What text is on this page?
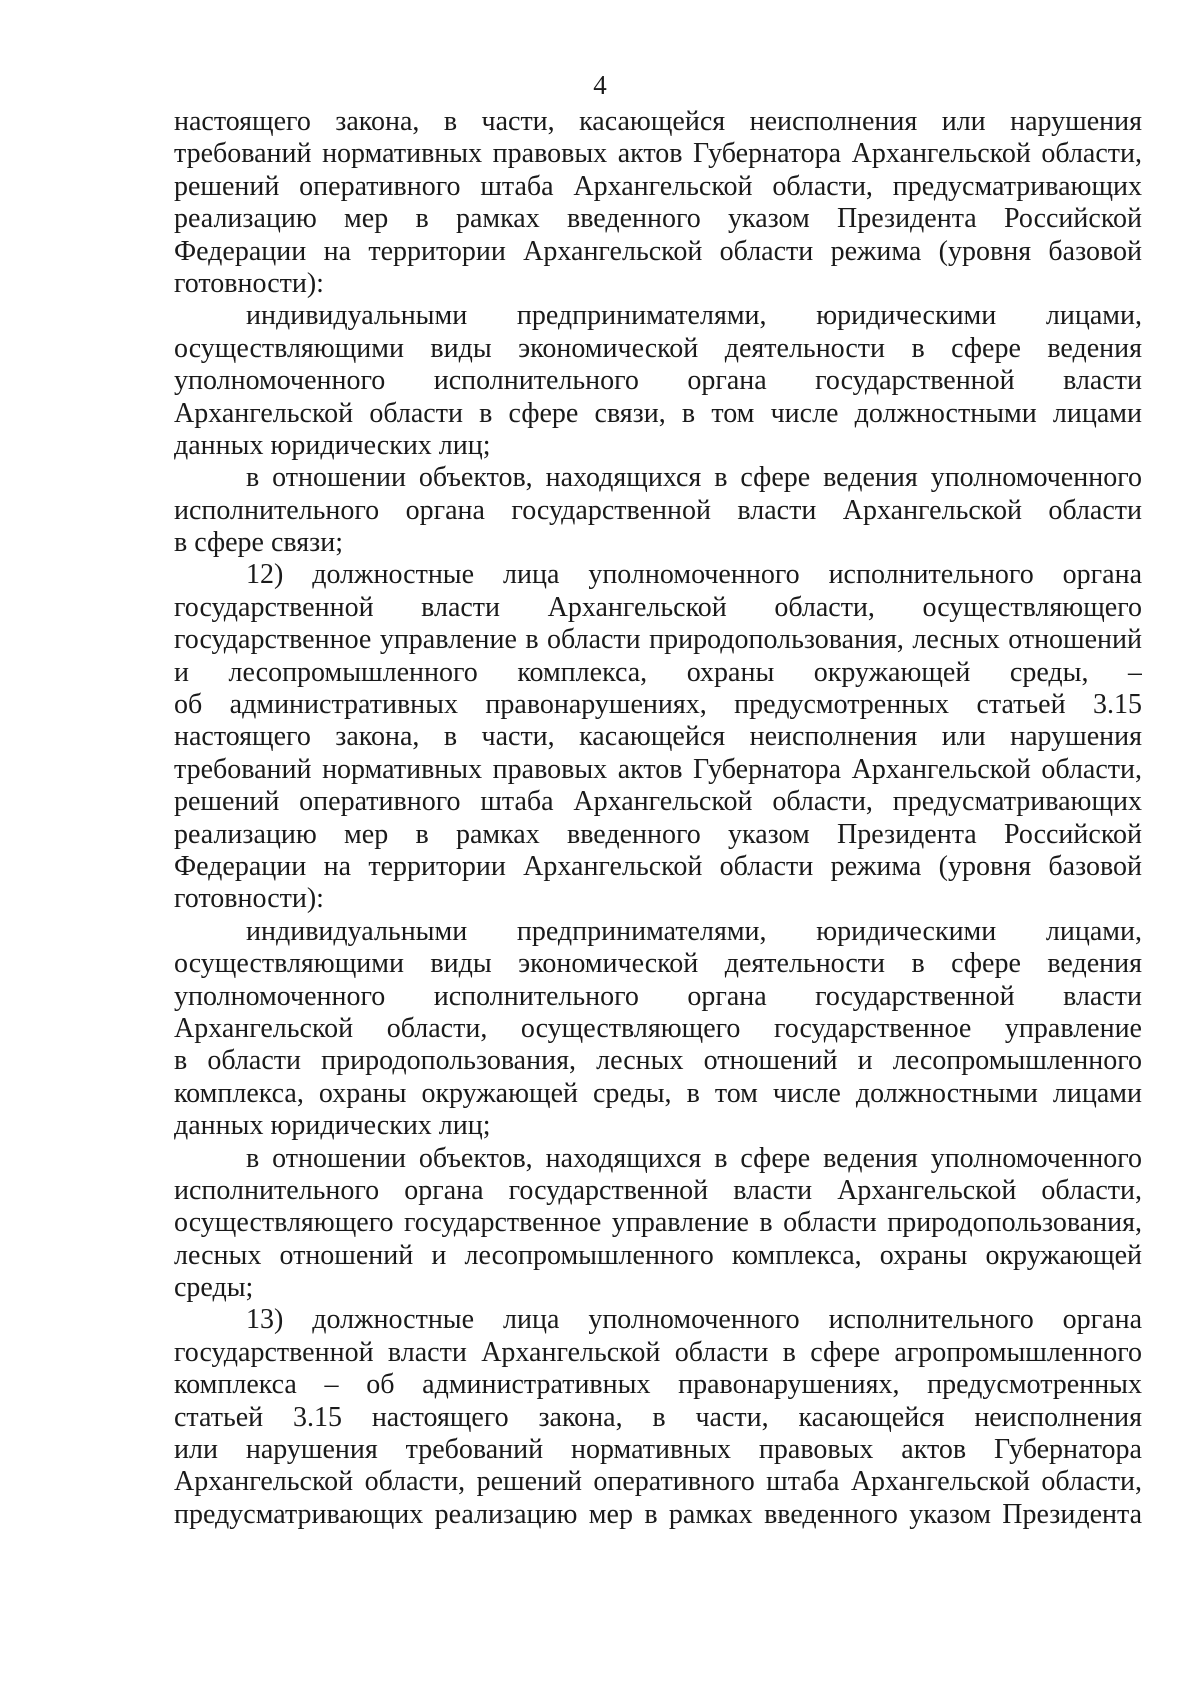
4
настоящего закона, в части, касающейся неисполнения или нарушения
требований нормативных правовых актов Губернатора Архангельской области,
решений оперативного штаба Архангельской области, предусматривающих
реализацию мер в рамках введенного указом Президента Российской
Федерации на территории Архангельской области режима (уровня базовой
готовности):
индивидуальными предпринимателями, юридическими лицами,
осуществляющими виды экономической деятельности в сфере ведения
уполномоченного исполнительного органа государственной власти
Архангельской области в сфере связи, в том числе должностными лицами
данных юридических лиц;
в отношении объектов, находящихся в сфере ведения уполномоченного
исполнительного органа государственной власти Архангельской области
в сфере связи;
12) должностные лица уполномоченного исполнительного органа
государственной власти Архангельской области, осуществляющего
государственное управление в области природопользования, лесных отношений
и лесопромышленного комплекса, охраны окружающей среды, –
об административных правонарушениях, предусмотренных статьей 3.15
настоящего закона, в части, касающейся неисполнения или нарушения
требований нормативных правовых актов Губернатора Архангельской области,
решений оперативного штаба Архангельской области, предусматривающих
реализацию мер в рамках введенного указом Президента Российской
Федерации на территории Архангельской области режима (уровня базовой
готовности):
индивидуальными предпринимателями, юридическими лицами,
осуществляющими виды экономической деятельности в сфере ведения
уполномоченного исполнительного органа государственной власти
Архангельской области, осуществляющего государственное управление
в области природопользования, лесных отношений и лесопромышленного
комплекса, охраны окружающей среды, в том числе должностными лицами
данных юридических лиц;
в отношении объектов, находящихся в сфере ведения уполномоченного
исполнительного органа государственной власти Архангельской области,
осуществляющего государственное управление в области природопользования,
лесных отношений и лесопромышленного комплекса, охраны окружающей
среды;
13) должностные лица уполномоченного исполнительного органа
государственной власти Архангельской области в сфере агропромышленного
комплекса – об административных правонарушениях, предусмотренных
статьей 3.15 настоящего закона, в части, касающейся неисполнения
или нарушения требований нормативных правовых актов Губернатора
Архангельской области, решений оперативного штаба Архангельской области,
предусматривающих реализацию мер в рамках введенного указом Президента
